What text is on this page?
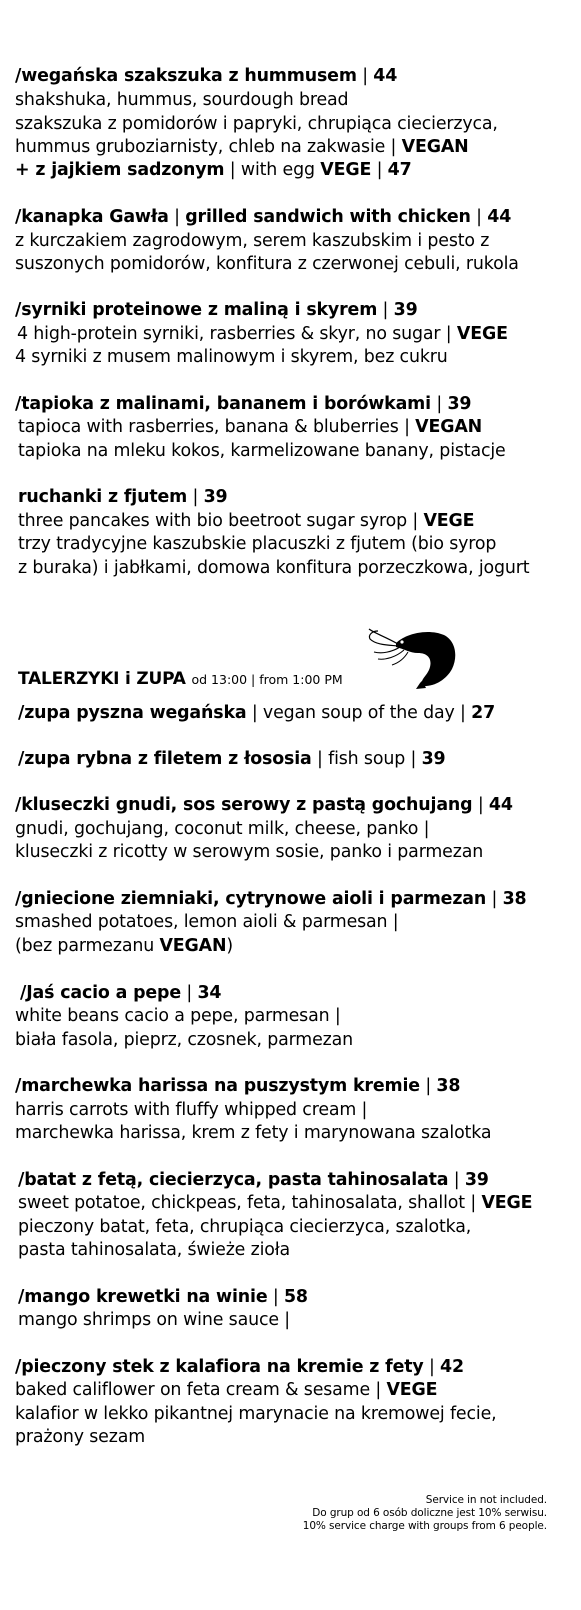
/wegańska szakszuka z hummusem | 44
shakshuka, hummus, sourdough bread
szakszuka z pomidorów i papryki, chrupiąca ciecierzyca,
hummus gruboziarnisty, chleb na zakwasie | VEGAN
+ z jajkiem sadzonym | with egg VEGE | 47
/kanapka Gawła | grilled sandwich with chicken | 44
z kurczakiem zagrodowym, serem kaszubskim i pesto z
suszonych pomidorów, konfitura z czerwonej cebuli, rukola
/syrniki proteinowe z maliną i skyrem | 39
4 high-protein syrniki, rasberries & skyr, no sugar | VEGE
4 syrniki z musem malinowym i skyrem, bez cukru
/tapioka z malinami, bananem i borówkami | 39
tapioca with rasberries, banana & bluberries | VEGAN
tapioka na mleku kokos, karmelizowane banany, pistacje
ruchanki z fjutem | 39
three pancakes with bio beetroot sugar syrop | VEGE
trzy tradycyjne kaszubskie placuszki z fjutem (bio syrop
z buraka) i jabłkami, domowa konfitura porzeczkowa, jogurt
TALERZYKI i ZUPA od 13:00 | from 1:00 PM
/zupa pyszna wegańska | vegan soup of the day | 27
/zupa rybna z filetem z łososia | fish soup | 39
/kluseczki gnudi, sos serowy z pastą gochujang | 44
gnudi, gochujang, coconut milk, cheese, panko |
kluseczki z ricotty w serowym sosie, panko i parmezan
/gniecione ziemniaki, cytrynowe aioli i parmezan | 38
smashed potatoes, lemon aioli & parmesan |
(bez parmezanu VEGAN)
/Jaś cacio a pepe | 34
white beans cacio a pepe, parmesan |
biała fasola, pieprz, czosnek, parmezan
/marchewka harissa na puszystym kremie | 38
harris carrots with fluffy whipped cream |
marchewka harissa, krem z fety i marynowana szalotka
/batat z fetą, ciecierzyca, pasta tahinosalata | 39
sweet potatoe, chickpeas, feta, tahinosalata, shallot | VEGE
pieczony batat, feta, chrupiąca ciecierzyca, szalotka,
pasta tahinosalata, świeże zioła
/mango krewetki na winie | 58
mango shrimps on wine sauce |
/pieczony stek z kalafiora na kremie z fety | 42
baked califlower on feta cream & sesame | VEGE
kalafior w lekko pikantnej marynacie na kremowej fecie,
prażony sezam
Service in not included.
Do grup od 6 osób doliczne jest 10% serwisu.
10% service charge with groups from 6 people.
